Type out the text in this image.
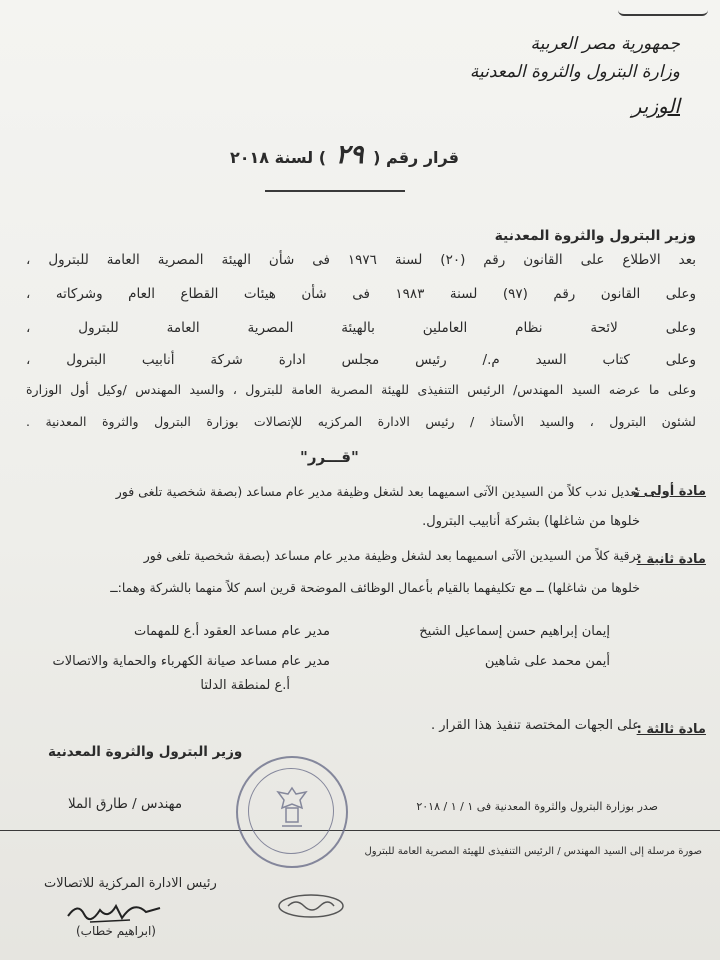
جمهورية مصر العربية
وزارة البترول والثروة المعدنية
الوزير
قرار رقم ( ٢٩ ) لسنة ٢٠١٨
وزير البترول والثروة المعدنية
بعد الاطلاع على القانون رقم (٢٠) لسنة ١٩٧٦ فى شأن الهيئة المصرية العامة للبترول ،
وعلى القانون رقم (٩٧) لسنة ١٩٨٣ فى شأن هيئات القطاع العام وشركاته ،
وعلى لائحة نظام العاملين بالهيئة المصرية العامة للبترول ،
وعلى كتاب السيد م./ رئيس مجلس ادارة شركة أنابيب البترول ،
وعلى ما عرضه السيد المهندس/ الرئيس التنفيذى للهيئة المصرية العامة للبترول ، والسيد المهندس /وكيل أول الوزارة
لشئون البترول ، والسيد الأستاذ / رئيس الادارة المركزيه للإتصالات بوزارة البترول والثروة المعدنية .
"قـــرر"
مادة أولى :
تعديل ندب كلاً من السيدين الآتى اسميهما بعد لشغل وظيفة مدير عام مساعد (بصفة شخصية تلغى فور
خلوها من شاغلها) بشركة أنابيب البترول.
مادة ثانية :
ترقية كلاً من السيدين الآتى اسميهما بعد لشغل وظيفة مدير عام مساعد (بصفة شخصية تلغى فور
خلوها من شاغلها) ــ مع تكليفهما بالقيام بأعمال الوظائف الموضحة قرين اسم كلاً منهما بالشركة وهما:ــ
إيمان إبراهيم حسن إسماعيل الشيخ
مدير عام مساعد العقود أ.ع للمهمات
أيمن محمد على شاهين
مدير عام مساعد صيانة الكهرباء والحماية والاتصالات
أ.ع لمنطقة الدلتا
مادة ثالثة :
على الجهات المختصة تنفيذ هذا القرار .
وزير البترول والثروة المعدنية
مهندس / طارق الملا	صدر بوزارة البترول والثروة المعدنية فى ١ / ١ / ٢٠١٨
صورة مرسلة إلى السيد المهندس / الرئيس التنفيذى للهيئة المصرية العامة للبترول
رئيس الادارة المركزية للاتصالات
(ابراهيم خطاب)
